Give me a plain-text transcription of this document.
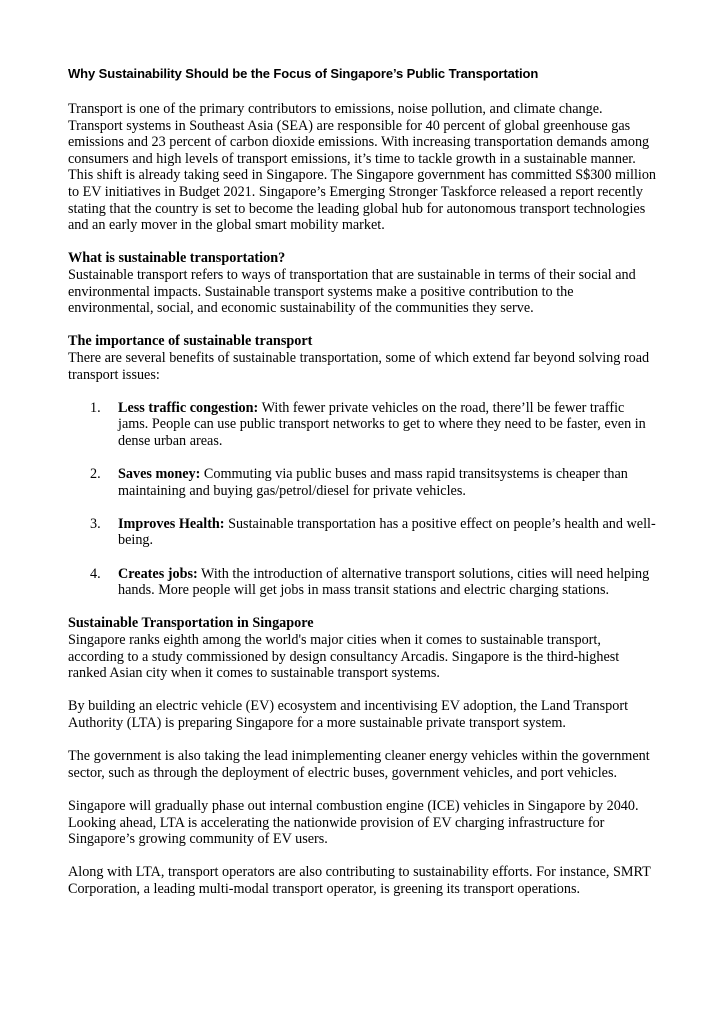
Why Sustainability Should be the Focus of Singapore’s Public Transportation

Transport is one of the primary contributors to emissions, noise pollution, and climate change. Transport systems in Southeast Asia (SEA) are responsible for 40 percent of global greenhouse gas emissions and 23 percent of carbon dioxide emissions. With increasing transportation demands among consumers and high levels of transport emissions, it’s time to tackle growth in a sustainable manner. This shift is already taking seed in Singapore. The Singapore government has committed S$300 million to EV initiatives in Budget 2021. Singapore’s Emerging Stronger Taskforce released a report recently stating that the country is set to become the leading global hub for autonomous transport technologies and an early mover in the global smart mobility market.

What is sustainable transportation?

Sustainable transport refers to ways of transportation that are sustainable in terms of their social and environmental impacts. Sustainable transport systems make a positive contribution to the environmental, social, and economic sustainability of the communities they serve.

The importance of sustainable transport

There are several benefits of sustainable transportation, some of which extend far beyond solving road transport issues:

1. Less traffic congestion: With fewer private vehicles on the road, there’ll be fewer traffic jams. People can use public transport networks to get to where they need to be faster, even in dense urban areas.
2. Saves money: Commuting via public buses and mass rapid transitsystems is cheaper than maintaining and buying gas/petrol/diesel for private vehicles.
3. Improves Health: Sustainable transportation has a positive effect on people’s health and well-being.
4. Creates jobs: With the introduction of alternative transport solutions, cities will need helping hands. More people will get jobs in mass transit stations and electric charging stations.

Sustainable Transportation in Singapore

Singapore ranks eighth among the world's major cities when it comes to sustainable transport, according to a study commissioned by design consultancy Arcadis. Singapore is the third-highest ranked Asian city when it comes to sustainable transport systems.

By building an electric vehicle (EV) ecosystem and incentivising EV adoption, the Land Transport Authority (LTA) is preparing Singapore for a more sustainable private transport system.

The government is also taking the lead inimplementing cleaner energy vehicles within the government sector, such as through the deployment of electric buses, government vehicles, and port vehicles.

Singapore will gradually phase out internal combustion engine (ICE) vehicles in Singapore by 2040. Looking ahead, LTA is accelerating the nationwide provision of EV charging infrastructure for Singapore’s growing community of EV users.

Along with LTA, transport operators are also contributing to sustainability efforts. For instance, SMRT Corporation, a leading multi-modal transport operator, is greening its transport operations.
